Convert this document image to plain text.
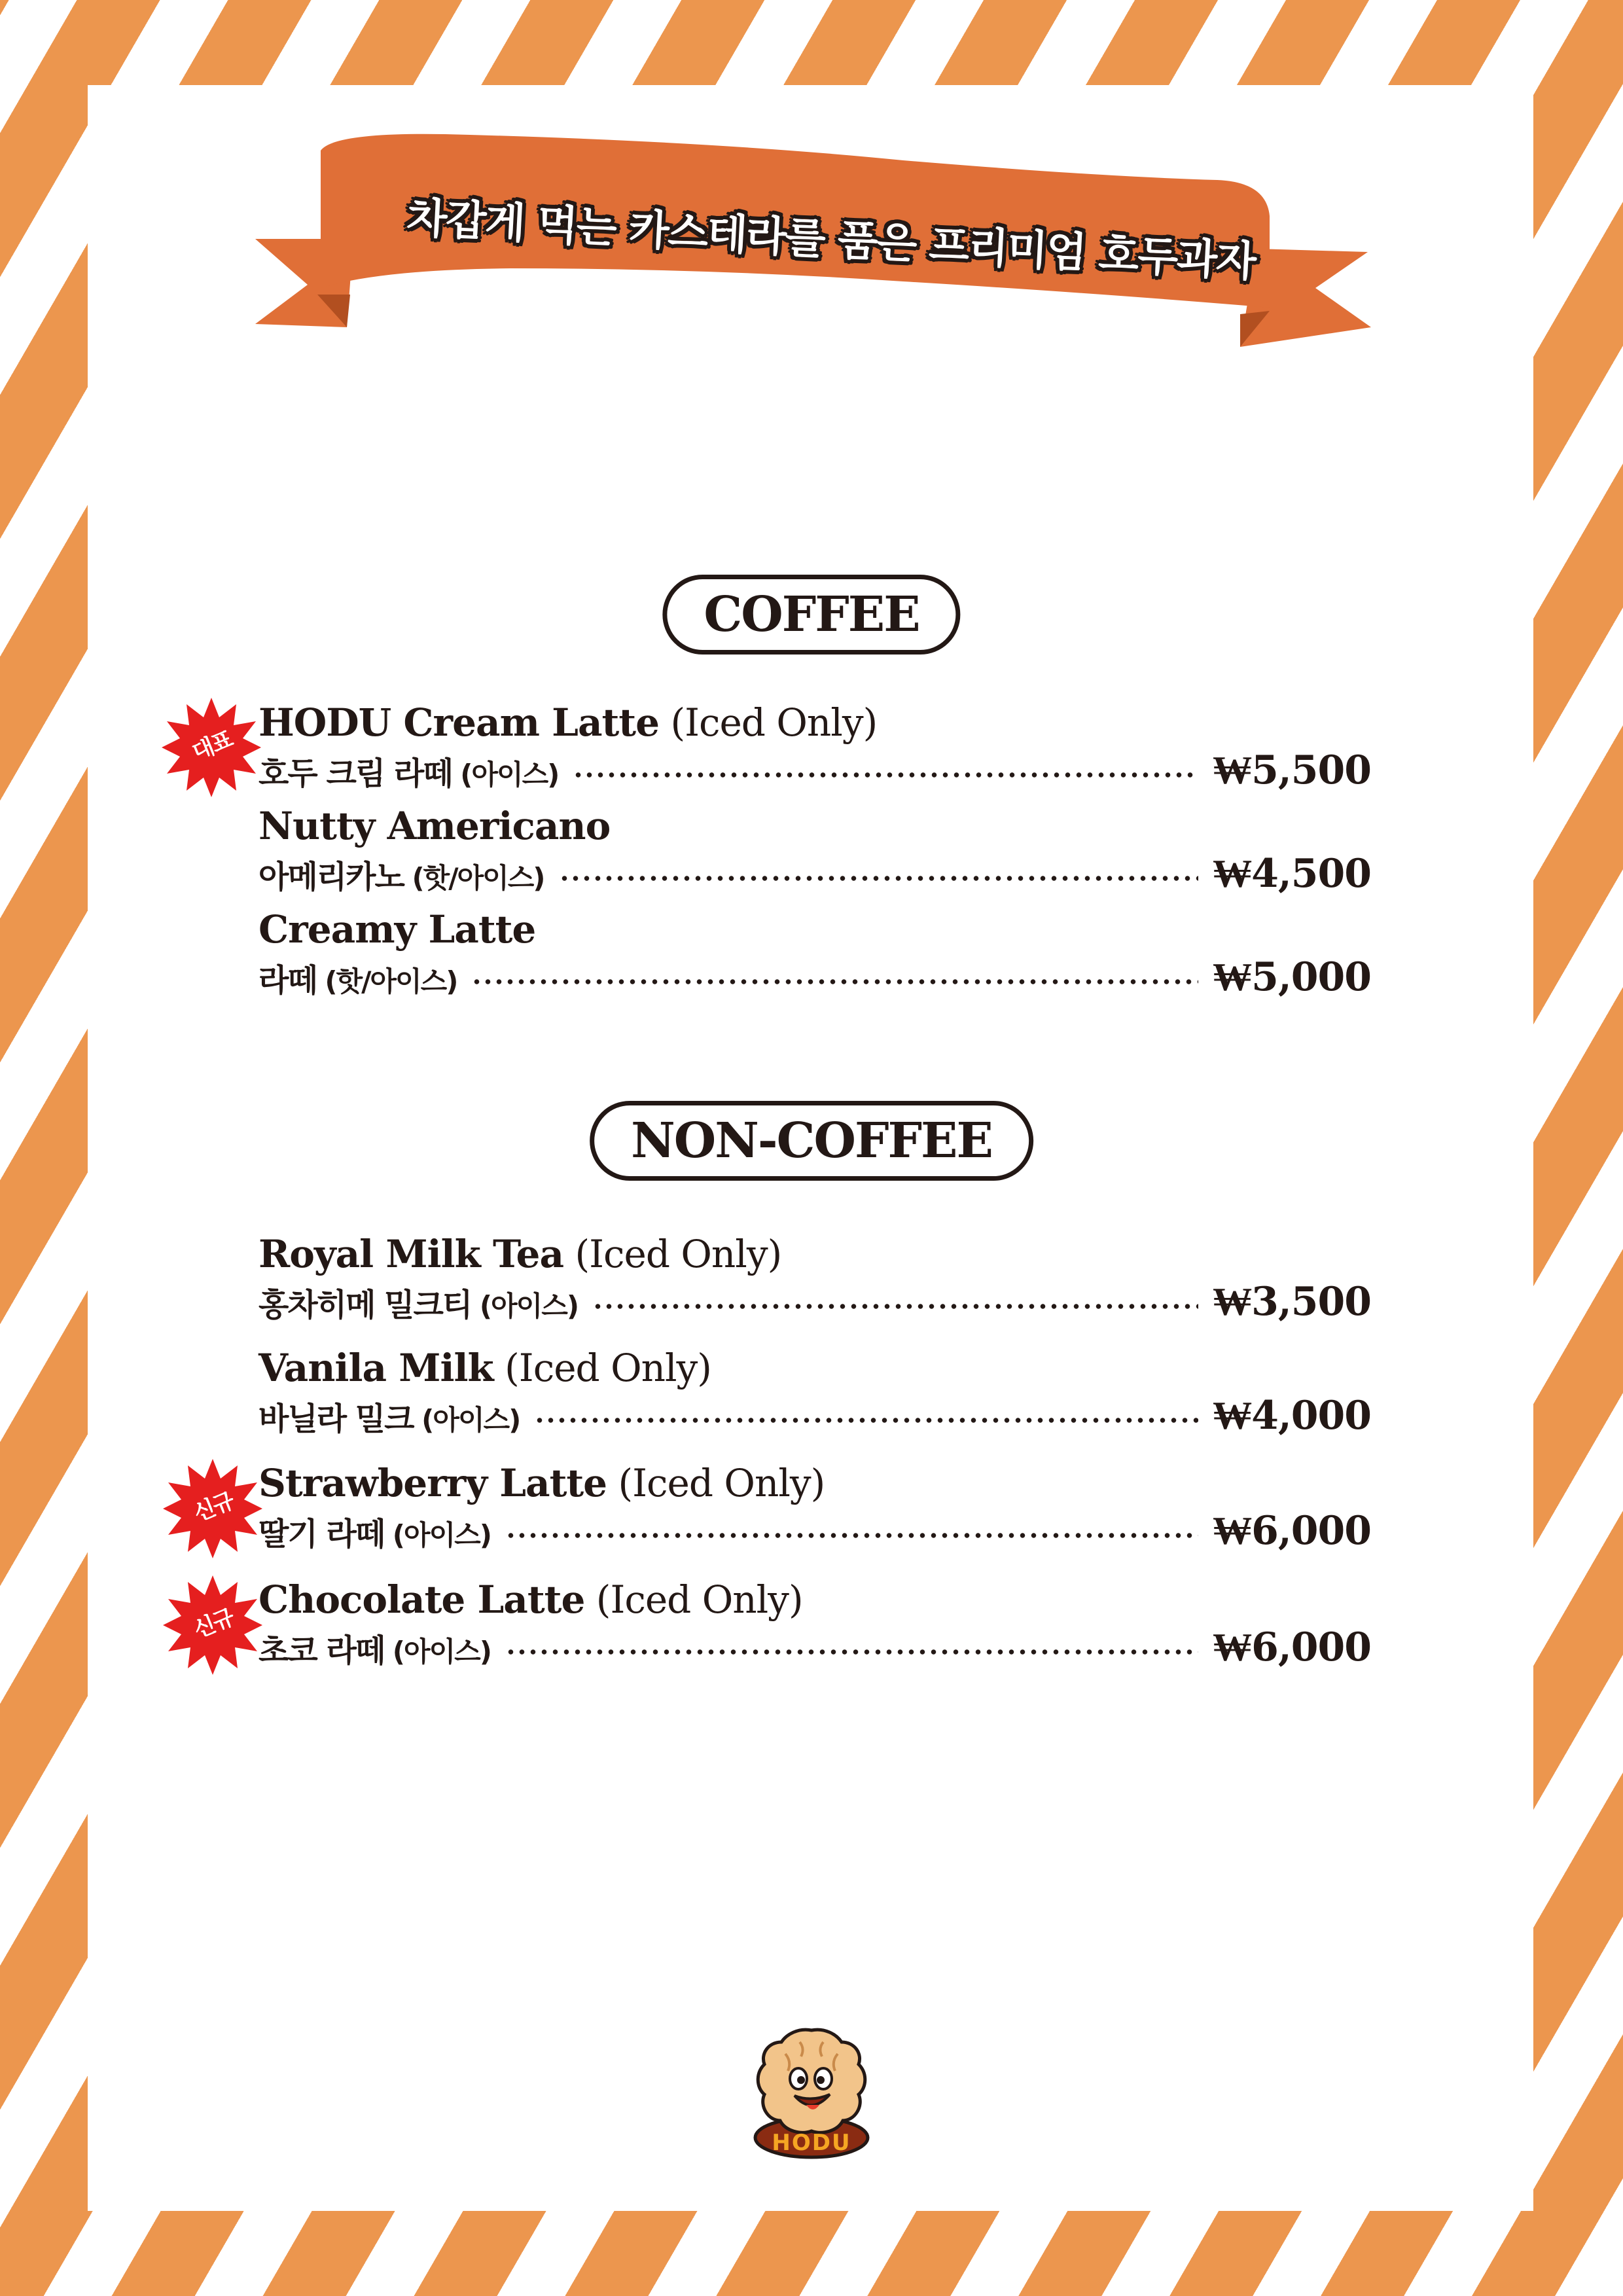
차갑게 먹는 카스테라를 품은 프리미엄 호두과자
COFFEE
HODU Cream Latte (Iced Only)
호두 크림 라떼 (아이스)	₩5,500
Nutty Americano
아메리카노 (핫/아이스)	₩4,500
Creamy Latte
라떼 (핫/아이스)	₩5,000
NON-COFFEE
Royal Milk Tea (Iced Only)
홍차히메 밀크티 (아이스)	₩3,500
Vanila Milk (Iced Only)
바닐라 밀크 (아이스)	₩4,000
Strawberry Latte (Iced Only)
딸기 라떼 (아이스)	₩6,000
Chocolate Latte (Iced Only)
초코 라떼 (아이스)	₩6,000
대표
신규
신규
HODU
